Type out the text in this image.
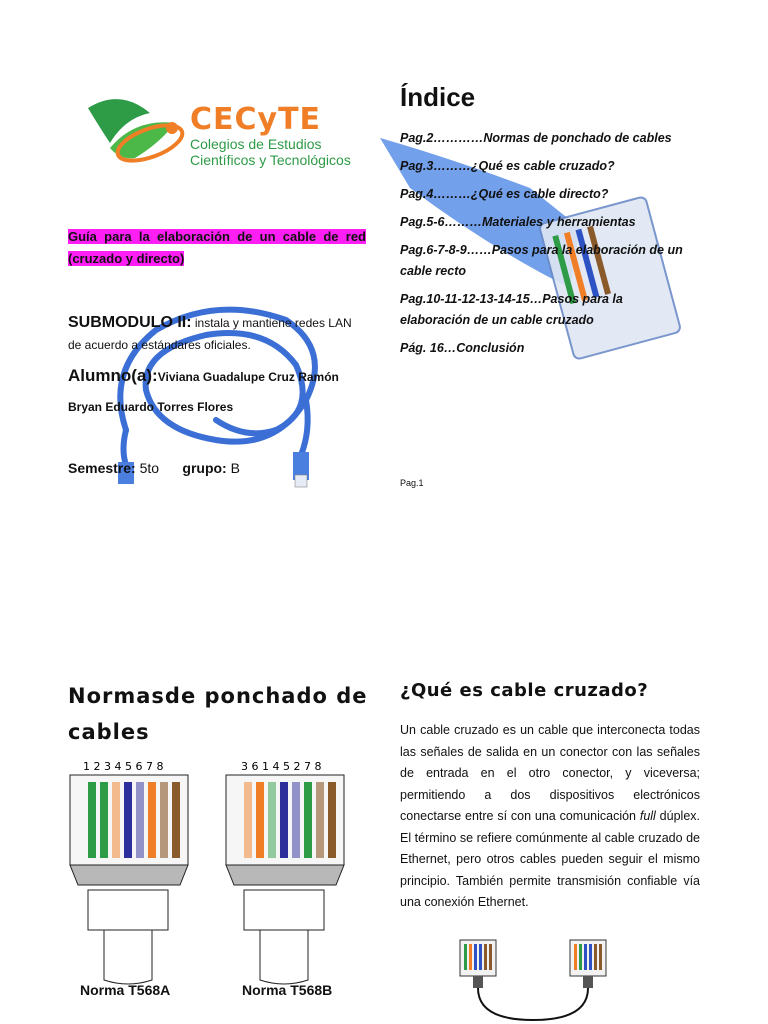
CECyTE
Colegios de Estudios
Científicos y Tecnológicos
Guía para la elaboración de un cable de red (cruzado y directo)
SUBMODULO II: instala y mantiene redes LAN de acuerdo a estándares oficiales.
Alumno(a):Viviana Guadalupe Cruz Ramón
Bryan Eduardo Torres Flores
Semestre: 5to grupo: B
Índice
Pag.2…………Normas de ponchado de cables
Pag.3………¿Qué es cable cruzado?
Pag.4………¿Qué es cable directo?
Pag.5-6………Materiales y herramientas
Pag.6-7-8-9……Pasos para la elaboración de un cable recto
Pag.10-11-12-13-14-15…Pasos para la elaboración de un cable cruzado
Pág. 16…Conclusión
Pag.1
Normasde ponchado de cables
1 2 3 4 5 6 7 8	3 6 1 4 5 2 7 8
Norma T568A	Norma T568B
¿Qué es cable cruzado?
Un cable cruzado es un cable que interconecta todas las señales de salida en un conector con las señales de entrada en el otro conector, y viceversa; permitiendo a dos dispositivos electrónicos conectarse entre sí con una comunicación full dúplex. El término se refiere comúnmente al cable cruzado de Ethernet, pero otros cables pueden seguir el mismo principio. También permite transmisión confiable vía una conexión Ethernet.
